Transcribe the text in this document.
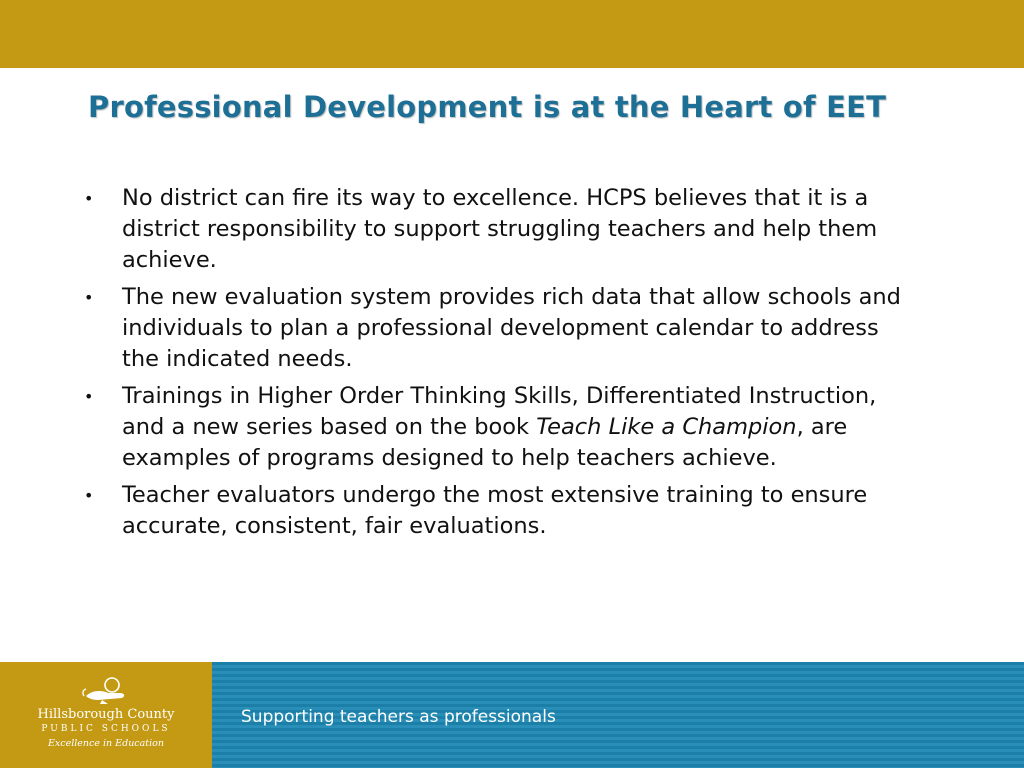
Professional Development is at the Heart of EET
• No district can fire its way to excellence. HCPS believes that it is a district responsibility to support struggling teachers and help them achieve.
• The new evaluation system provides rich data that allow schools and individuals to plan a professional development calendar to address the indicated needs.
• Trainings in Higher Order Thinking Skills, Differentiated Instruction, and a new series based on the book Teach Like a Champion, are examples of programs designed to help teachers achieve.
• Teacher evaluators undergo the most extensive training to ensure accurate, consistent, fair evaluations.
Hillsborough County
PUBLIC SCHOOLS
Excellence in Education
Supporting teachers as professionals
